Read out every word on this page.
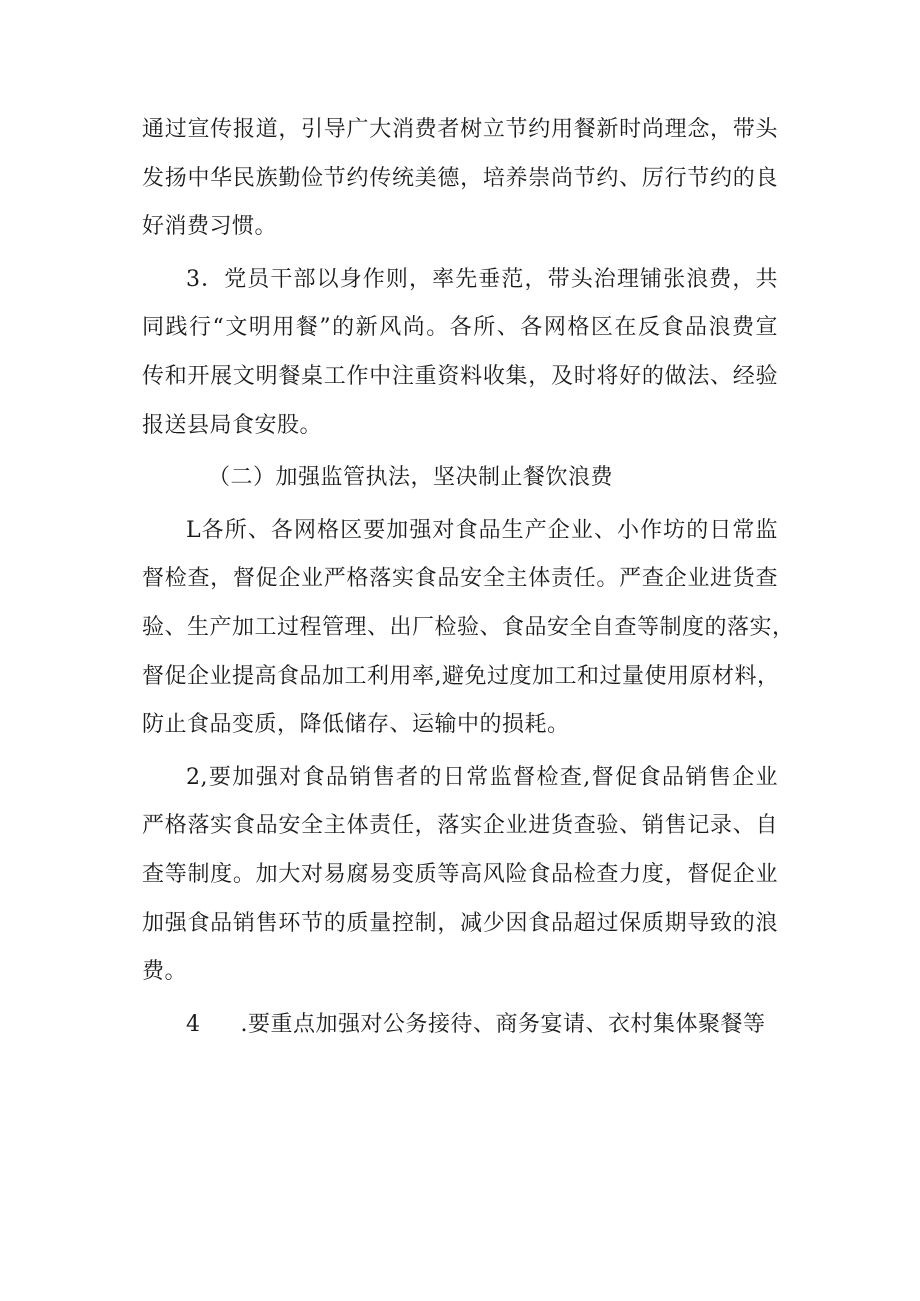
通过宣传报道，引导广大消费者树立节约用餐新时尚理念，带头
发扬中华民族勤俭节约传统美德，培养崇尚节约、厉行节约的良
好消费习惯。
3．党员干部以身作则，率先垂范，带头治理铺张浪费，共
同践行“文明用餐”的新风尚。各所、各网格区在反食品浪费宣
传和开展文明餐桌工作中注重资料收集，及时将好的做法、经验
报送县局食安股。
（二）加强监管执法，坚决制止餐饮浪费
L各所、各网格区要加强对食品生产企业、小作坊的日常监
督检查，督促企业严格落实食品安全主体责任。严查企业进货查
验、生产加工过程管理、出厂检验、食品安全自查等制度的落实，
督促企业提高食品加工利用率,避免过度加工和过量使用原材料，
防止食品变质，降低储存、运输中的损耗。
2,要加强对食品销售者的日常监督检查,督促食品销售企业
严格落实食品安全主体责任，落实企业进货查验、销售记录、自
查等制度。加大对易腐易变质等高风险食品检查力度，督促企业
加强食品销售环节的质量控制，减少因食品超过保质期导致的浪
费。
4 .要重点加强对公务接待、商务宴请、衣村集体聚餐等
